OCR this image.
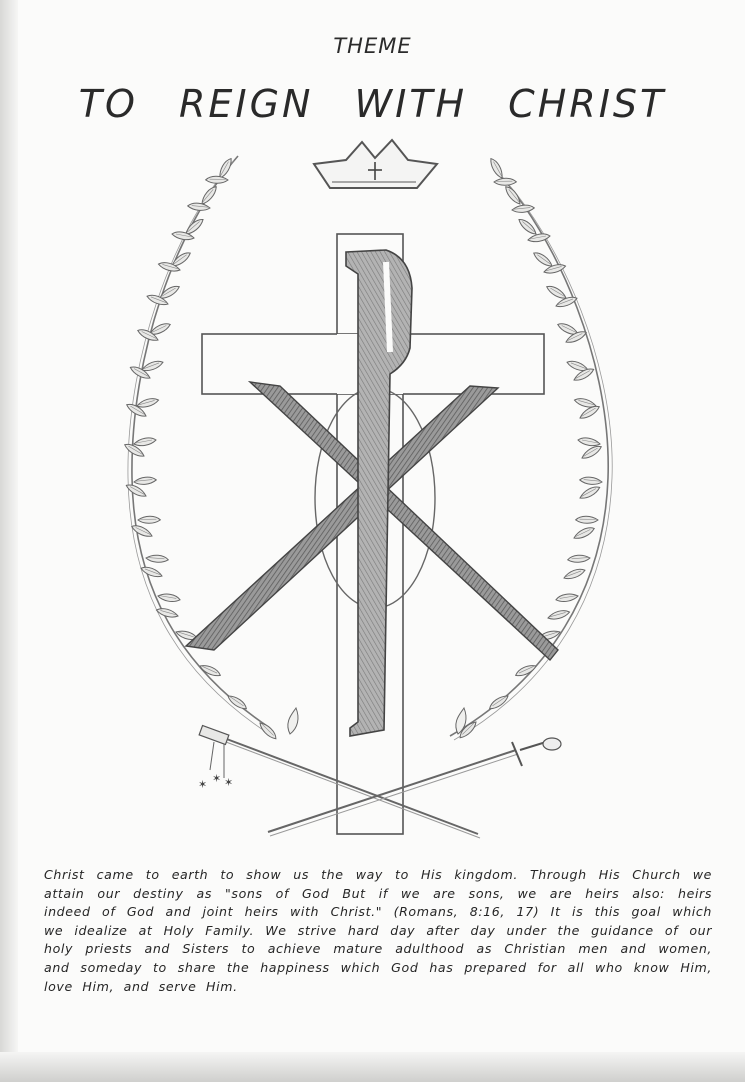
THEME
TO REIGN WITH CHRIST
✶ ✶ ✶
Christ came to earth to show us the way to His kingdom. Through His Church we attain our destiny as "sons of God But if we are sons, we are heirs also: heirs indeed of God and joint heirs with Christ." (Romans, 8:16, 17) It is this goal which we idealize at Holy Family. We strive hard day after day under the guidance of our holy priests and Sisters to achieve mature adulthood as Christian men and women, and someday to share the happiness which God has prepared for all who know Him, love Him, and serve Him.
